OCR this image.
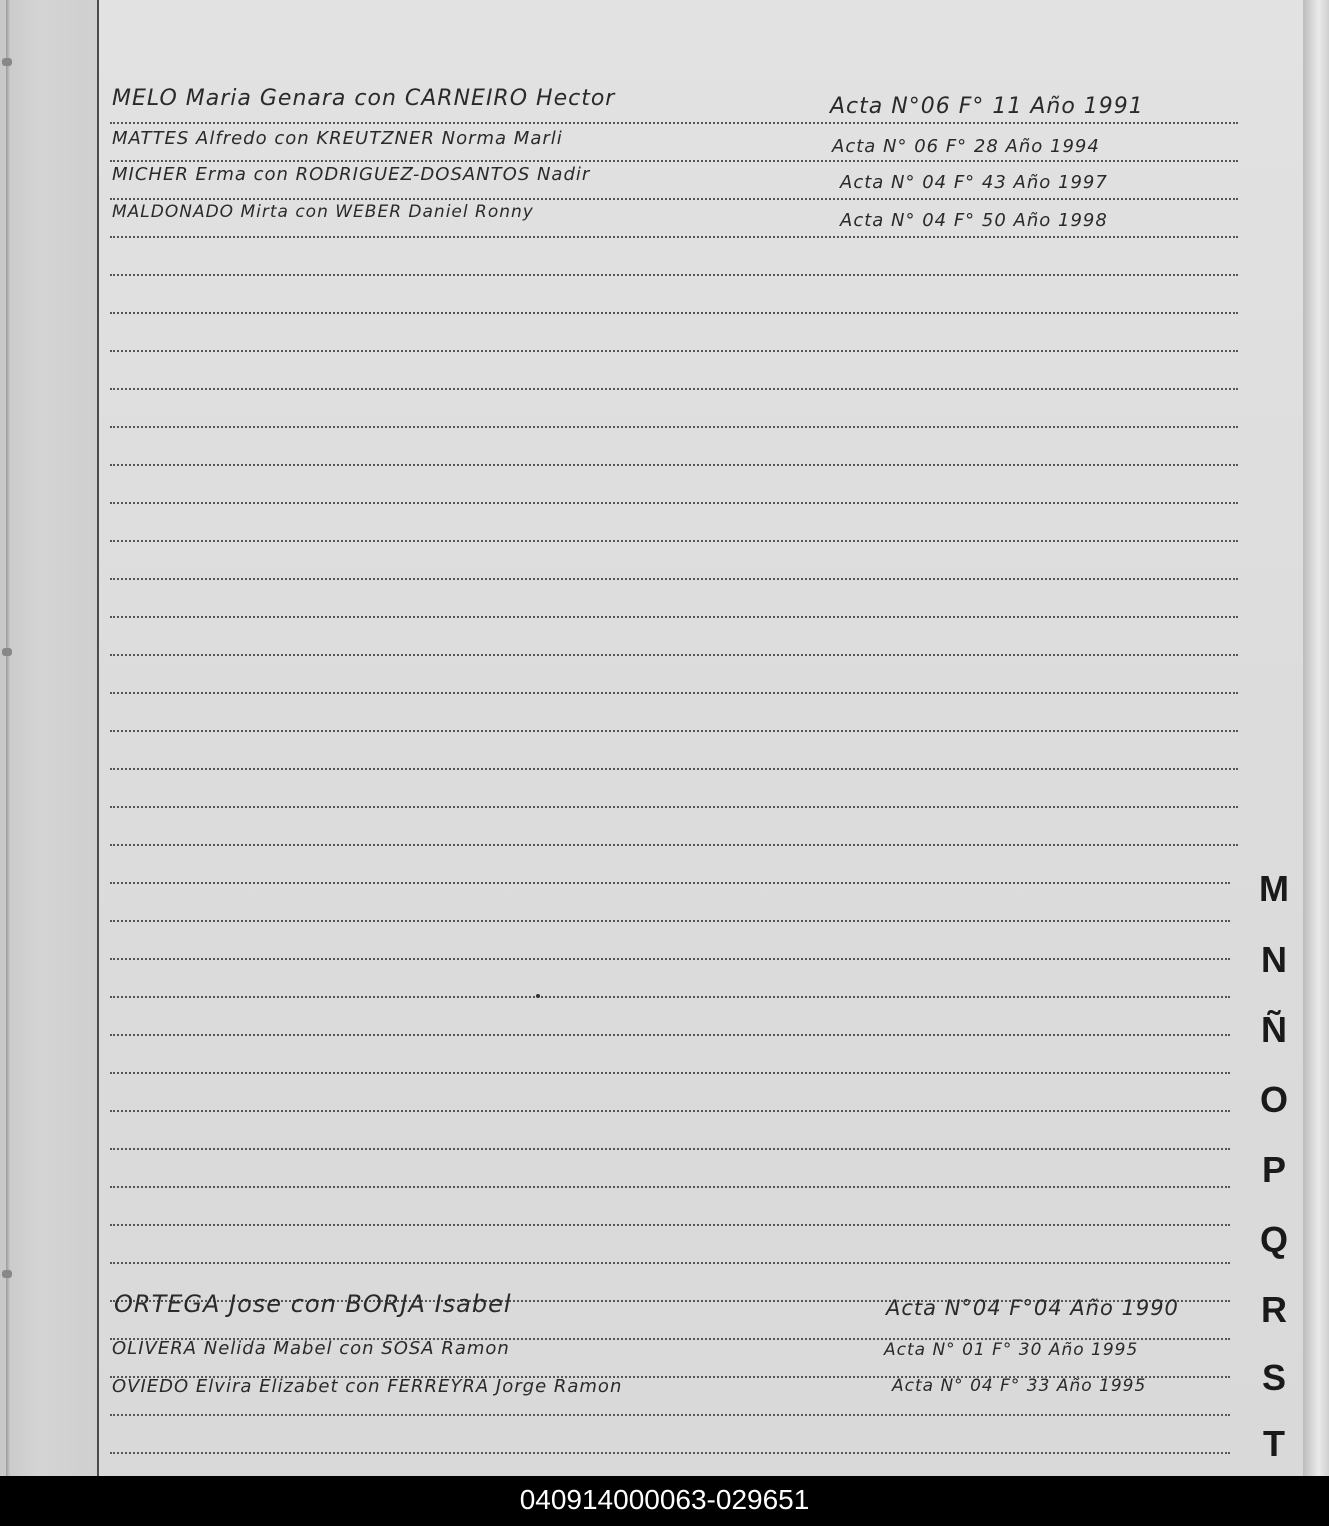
MELO Maria Genara con CARNEIRO Hector	Acta N°06 F° 11 Año 1991
MATTES Alfredo con KREUTZNER Norma Marli	Acta N° 06 F° 28 Año 1994
MICHER Erma con RODRIGUEZ-DOSANTOS Nadir	Acta N° 04 F° 43 Año 1997
MALDONADO Mirta con WEBER Daniel Ronny	Acta N° 04 F° 50 Año 1998
ORTEGA Jose con BORJA Isabel	Acta N°04 F°04 Año 1990
OLIVERA Nelida Mabel con SOSA Ramon	Acta N° 01 F° 30 Año 1995
OVIEDO Elvira Elizabet con FERREYRA Jorge Ramon	Acta N° 04 F° 33 Año 1995
M
N
Ñ
O
P
Q
R
S
T
040914000063-029651
